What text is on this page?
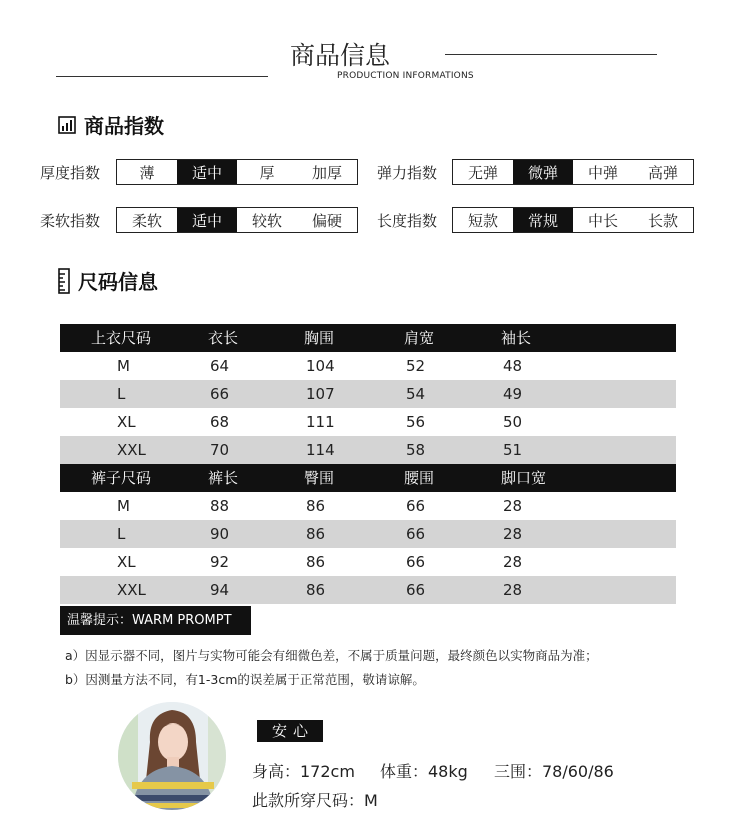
商品信息
PRODUCTION INFORMATIONS
商品指数
厚度指数	薄	适中	厚	加厚	弹力指数	无弹	微弹	中弹	高弹
柔软指数	柔软	适中	较软	偏硬	长度指数	短款	常规	中长	长款
尺码信息
上衣尺码	衣长	胸围	肩宽	袖长
M	64	104	52	48
L	66	107	54	49
XL	68	111	56	50
XXL	70	114	58	51
裤子尺码	裤长	臀围	腰围	脚口宽
M	88	86	66	28
L	90	86	66	28
XL	92	86	66	28
XXL	94	86	66	28
温馨提示：WARM PROMPT
a）因显示器不同，图片与实物可能会有细微色差，不属于质量问题，最终颜色以实物商品为准；
b）因测量方法不同，有1-3cm的误差属于正常范围，敬请谅解。
安心
身高：172cm 体重：48kg 三围：78/60/86
此款所穿尺码：M
